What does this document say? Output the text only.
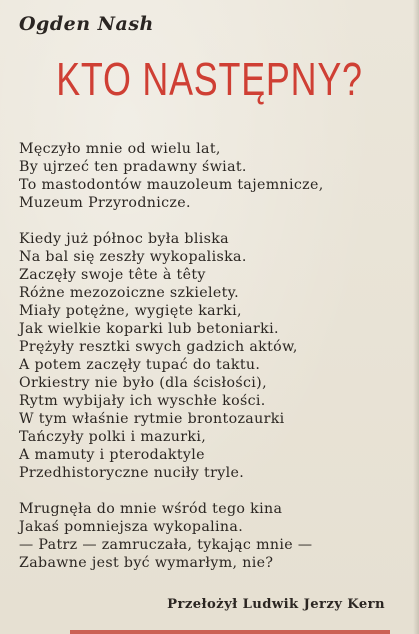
Ogden Nash
KTO NASTĘPNY?
Męczyło mnie od wielu lat,
By ujrzeć ten pradawny świat.
To mastodontów mauzoleum tajemnicze,
Muzeum Przyrodnicze.
Kiedy już północ była bliska
Na bal się zeszły wykopaliska.
Zaczęły swoje tête à têty
Różne mezozoiczne szkielety.
Miały potężne, wygięte karki,
Jak wielkie koparki lub betoniarki.
Prężyły resztki swych gadzich aktów,
A potem zaczęły tupać do taktu.
Orkiestry nie było (dla ścisłości),
Rytm wybijały ich wyschłe kości.
W tym właśnie rytmie brontozaurki
Tańczyły polki i mazurki,
A mamuty i pterodaktyle
Przedhistoryczne nuciły tryle.
Mrugnęła do mnie wśród tego kina
Jakaś pomniejsza wykopalina.
— Patrz — zamruczała, tykając mnie —
Zabawne jest być wymarłym, nie?
Przełożył Ludwik Jerzy Kern
